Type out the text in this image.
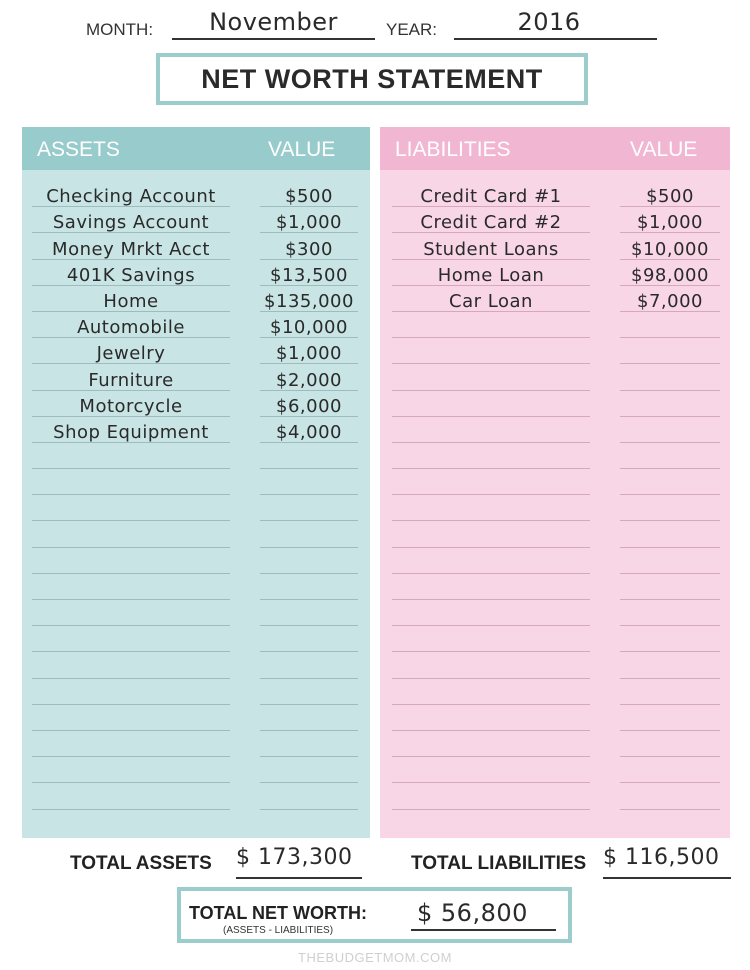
MONTH:	November	YEAR:	2016
NET WORTH STATEMENT
ASSETS	VALUE
Checking Account	$500
Savings Account	$1,000
Money Mrkt Acct	$300
401K Savings	$13,500
Home	$135,000
Automobile	$10,000
Jewelry	$1,000
Furniture	$2,000
Motorcycle	$6,000
Shop Equipment	$4,000
LIABILITIES	VALUE
Credit Card #1	$500
Credit Card #2	$1,000
Student Loans	$10,000
Home Loan	$98,000
Car Loan	$7,000
TOTAL ASSETS $ 173,300	TOTAL LIABILITIES $ 116,500
TOTAL NET WORTH:
(ASSETS - LIABILITIES)
$ 56,800
THEBUDGETMOM.COM
